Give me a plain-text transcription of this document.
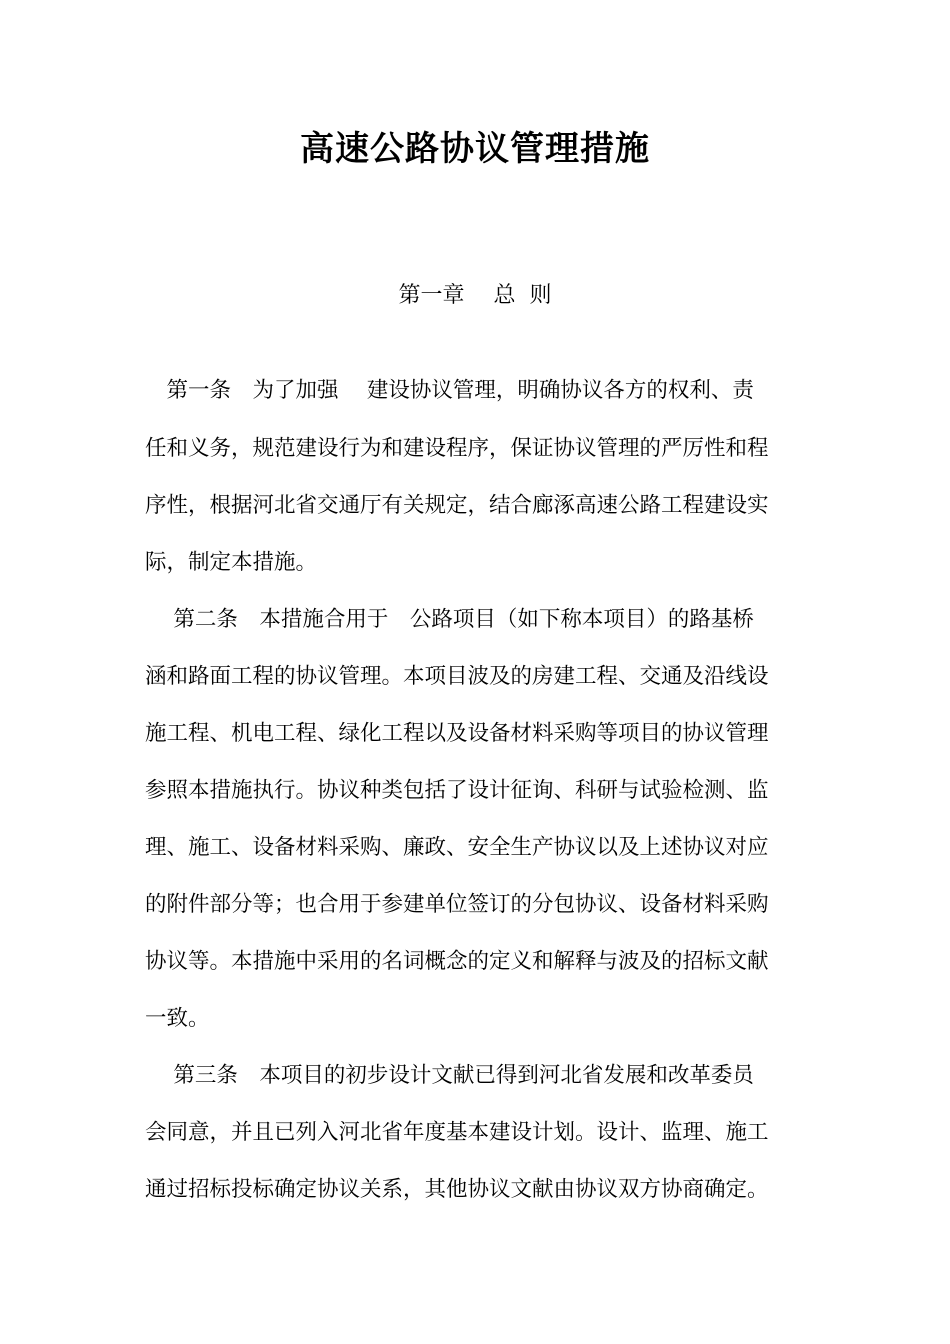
高速公路协议管理措施
第一章　 总  则
　第一条　为了加强　 建设协议管理，明确协议各方的权利、责
任和义务，规范建设行为和建设程序，保证协议管理的严厉性和程
序性，根据河北省交通厅有关规定，结合廊涿高速公路工程建设实
际，制定本措施。
　 第二条　本措施合用于　公路项目（如下称本项目）的路基桥
涵和路面工程的协议管理。本项目波及的房建工程、交通及沿线设
施工程、机电工程、绿化工程以及设备材料采购等项目的协议管理
参照本措施执行。协议种类包括了设计征询、科研与试验检测、监
理、施工、设备材料采购、廉政、安全生产协议以及上述协议对应
的附件部分等；也合用于参建单位签订的分包协议、设备材料采购
协议等。本措施中采用的名词概念的定义和解释与波及的招标文献
一致。
　 第三条　本项目的初步设计文献已得到河北省发展和改革委员
会同意，并且已列入河北省年度基本建设计划。设计、监理、施工
通过招标投标确定协议关系，其他协议文献由协议双方协商确定。
